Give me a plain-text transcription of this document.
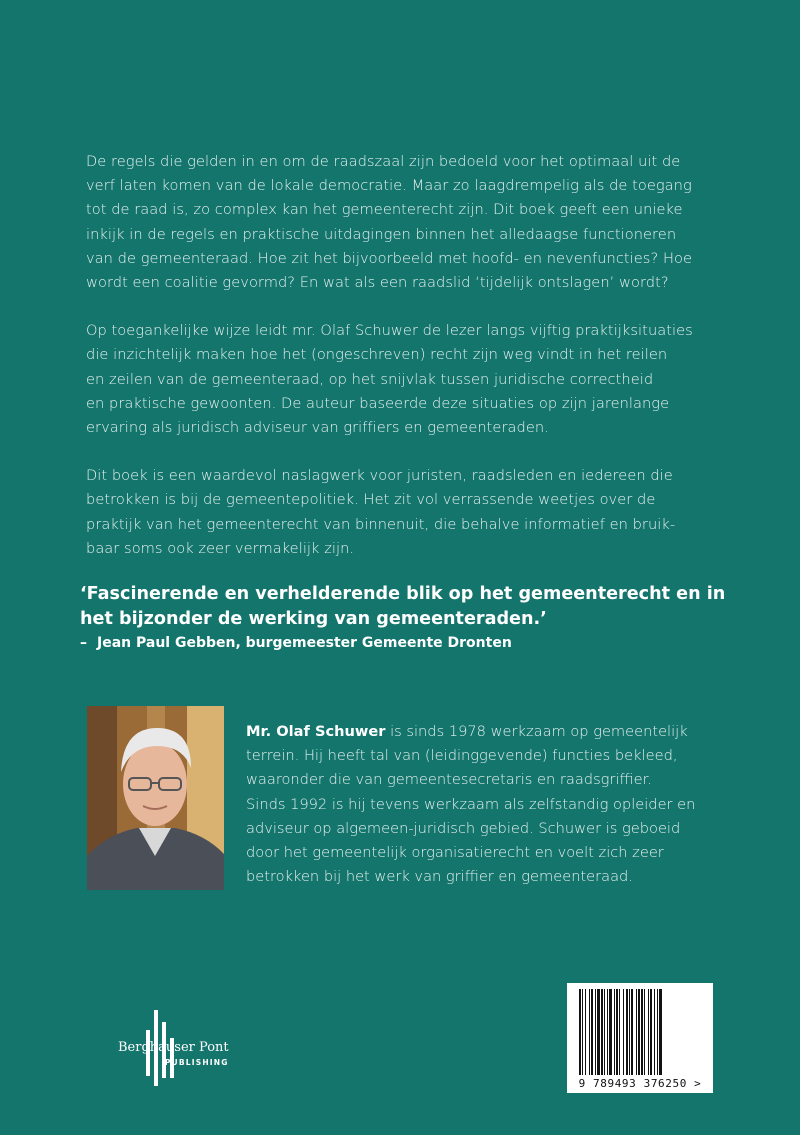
De regels die gelden in en om de raadszaal zijn bedoeld voor het optimaal uit de
verf laten komen van de lokale democratie. Maar zo laagdrempelig als de toegang
tot de raad is, zo complex kan het gemeenterecht zijn. Dit boek geeft een unieke
inkijk in de regels en praktische uitdagingen binnen het alledaagse functioneren
van de gemeenteraad. Hoe zit het bijvoorbeeld met hoofd- en nevenfuncties? Hoe
wordt een coalitie gevormd? En wat als een raadslid ‘tijdelijk ontslagen’ wordt?

Op toegankelijke wijze leidt mr. Olaf Schuwer de lezer langs vijftig praktijksituaties
die inzichtelijk maken hoe het (ongeschreven) recht zijn weg vindt in het reilen
en zeilen van de gemeenteraad, op het snijvlak tussen juridische correctheid
en praktische gewoonten. De auteur baseerde deze situaties op zijn jarenlange
ervaring als juridisch adviseur van griffiers en gemeenteraden.

Dit boek is een waardevol naslagwerk voor juristen, raadsleden en iedereen die
betrokken is bij de gemeentepolitiek. Het zit vol verrassende weetjes over de
praktijk van het gemeenterecht van binnenuit, die behalve informatief en bruik-
baar soms ook zeer vermakelijk zijn.

‘Fascinerende en verhelderende blik op het gemeenterecht en in
het bijzonder de werking van gemeenteraden.’
– Jean Paul Gebben, burgemeester Gemeente Dronten
Mr. Olaf Schuwer is sinds 1978 werkzaam op gemeentelijk
terrein. Hij heeft tal van (leidinggevende) functies bekleed,
waaronder die van gemeentesecretaris en raadsgriffier.
Sinds 1992 is hij tevens werkzaam als zelfstandig opleider en
adviseur op algemeen-juridisch gebied. Schuwer is geboeid
door het gemeentelijk organisatierecht en voelt zich zeer
betrokken bij het werk van griffier en gemeenteraad.
Berghauser Pont
PUBLISHING
9 789493 376250 >
